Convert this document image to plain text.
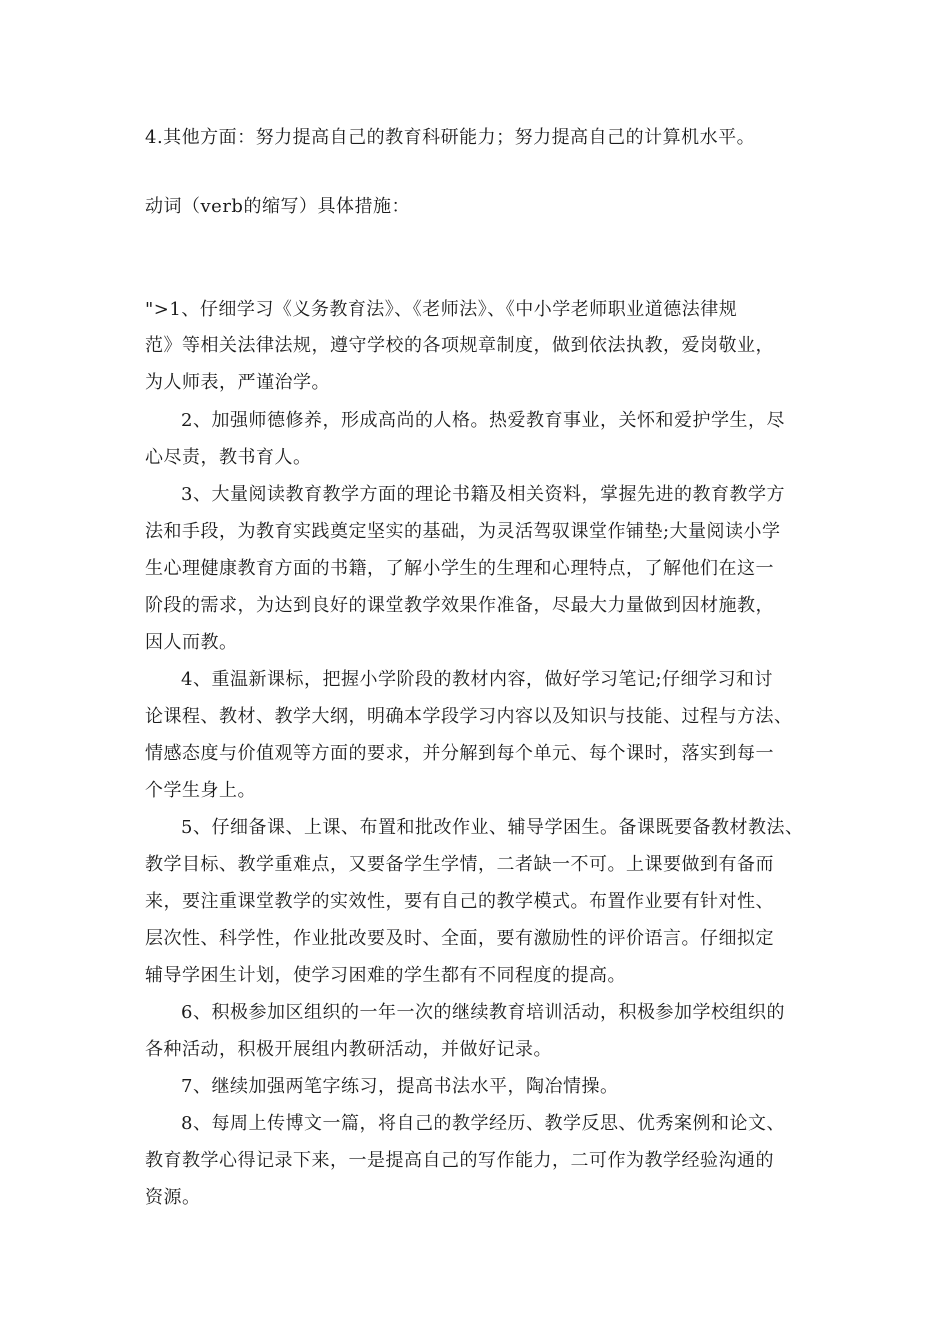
4.其他方面：努力提高自己的教育科研能力；努力提高自己的计算机水平。
动词（verb的缩写）具体措施：
">1、仔细学习《义务教育法》、《老师法》、《中小学老师职业道德法律规
范》等相关法律法规，遵守学校的各项规章制度，做到依法执教，爱岗敬业，
为人师表，严谨治学。
2、加强师德修养，形成高尚的人格。热爱教育事业，关怀和爱护学生，尽
心尽责，教书育人。
3、大量阅读教育教学方面的理论书籍及相关资料，掌握先进的教育教学方
法和手段，为教育实践奠定坚实的基础，为灵活驾驭课堂作铺垫;大量阅读小学
生心理健康教育方面的书籍，了解小学生的生理和心理特点，了解他们在这一
阶段的需求，为达到良好的课堂教学效果作准备，尽最大力量做到因材施教，
因人而教。
4、重温新课标，把握小学阶段的教材内容，做好学习笔记;仔细学习和讨
论课程、教材、教学大纲，明确本学段学习内容以及知识与技能、过程与方法、
情感态度与价值观等方面的要求，并分解到每个单元、每个课时，落实到每一
个学生身上。
5、仔细备课、上课、布置和批改作业、辅导学困生。备课既要备教材教法、
教学目标、教学重难点，又要备学生学情，二者缺一不可。上课要做到有备而
来，要注重课堂教学的实效性，要有自己的教学模式。布置作业要有针对性、
层次性、科学性，作业批改要及时、全面，要有激励性的评价语言。仔细拟定
辅导学困生计划，使学习困难的学生都有不同程度的提高。
6、积极参加区组织的一年一次的继续教育培训活动，积极参加学校组织的
各种活动，积极开展组内教研活动，并做好记录。
7、继续加强两笔字练习，提高书法水平，陶冶情操。
8、每周上传博文一篇，将自己的教学经历、教学反思、优秀案例和论文、
教育教学心得记录下来，一是提高自己的写作能力，二可作为教学经验沟通的
资源。
